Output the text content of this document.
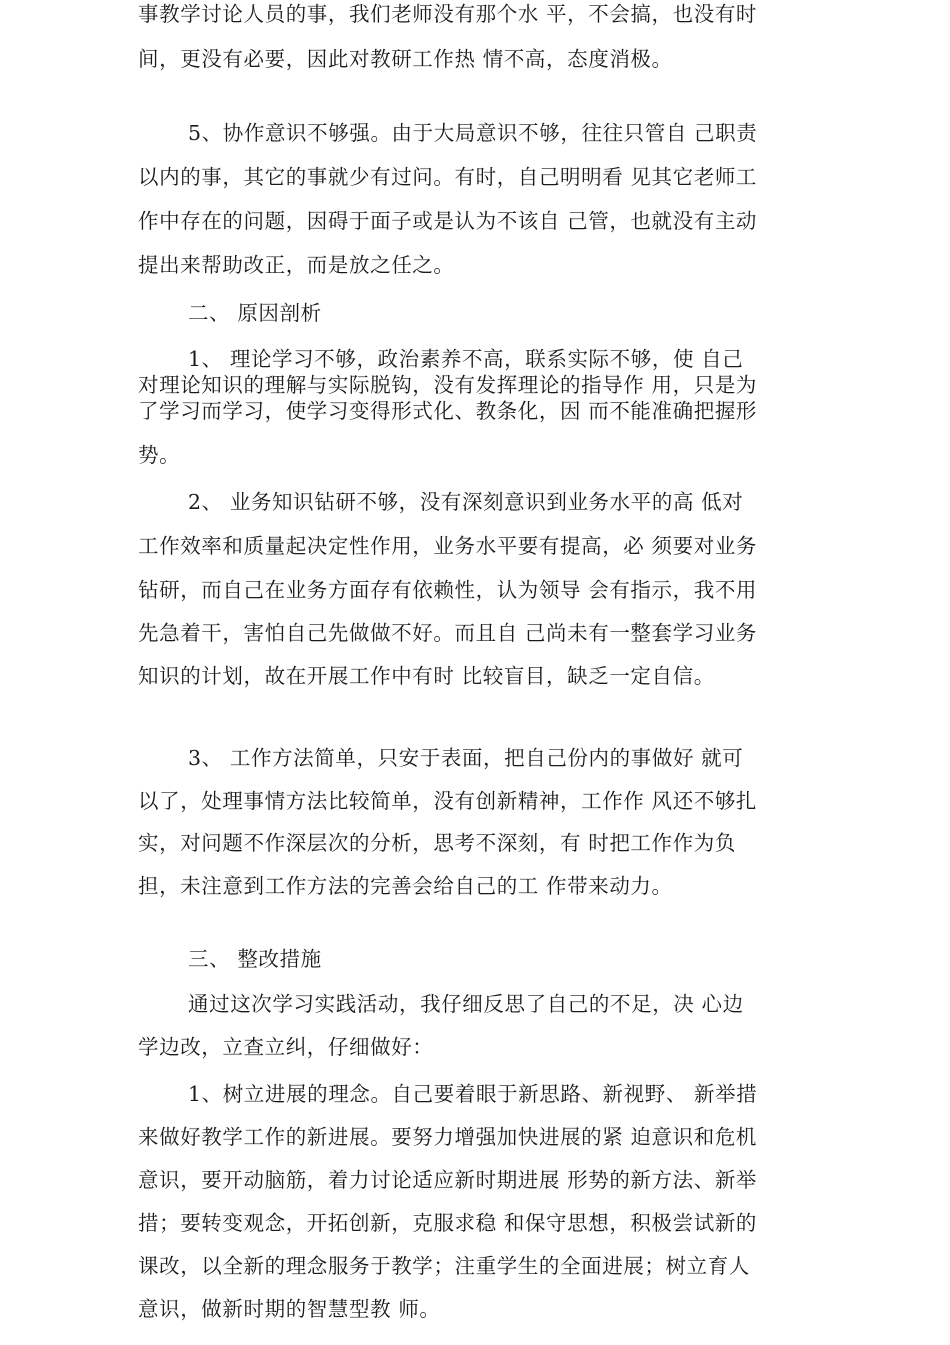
事教学讨论人员的事，我们老师没有那个水 平，不会搞，也没有时
间，更没有必要，因此对教研工作热 情不高，态度消极。
5、协作意识不够强。由于大局意识不够，往往只管自 己职责
以内的事，其它的事就少有过问。有时，自己明明看 见其它老师工
作中存在的问题，因碍于面子或是认为不该自 己管，也就没有主动
提出来帮助改正，而是放之任之。
二、 原因剖析
1、 理论学习不够，政治素养不高，联系实际不够，使 自己
对理论知识的理解与实际脱钩，没有发挥理论的指导作 用，只是为
了学习而学习，使学习变得形式化、教条化，因 而不能准确把握形
势。
2、 业务知识钻研不够，没有深刻意识到业务水平的高 低对
工作效率和质量起决定性作用，业务水平要有提高，必 须要对业务
钻研，而自己在业务方面存有依赖性，认为领导 会有指示，我不用
先急着干，害怕自己先做做不好。而且自 己尚未有一整套学习业务
知识的计划，故在开展工作中有时 比较盲目，缺乏一定自信。
3、 工作方法简单，只安于表面，把自己份内的事做好 就可
以了，处理事情方法比较简单，没有创新精神，工作作 风还不够扎
实，对问题不作深层次的分析，思考不深刻，有 时把工作作为负
担，未注意到工作方法的完善会给自己的工 作带来动力。
三、 整改措施
通过这次学习实践活动，我仔细反思了自己的不足，决 心边
学边改，立查立纠，仔细做好：
1、树立进展的理念。自己要着眼于新思路、新视野、 新举措
来做好教学工作的新进展。要努力增强加快进展的紧 迫意识和危机
意识，要开动脑筋，着力讨论适应新时期进展 形势的新方法、新举
措；要转变观念，开拓创新，克服求稳 和保守思想，积极尝试新的
课改，以全新的理念服务于教学；注重学生的全面进展；树立育人
意识，做新时期的智慧型教 师。
